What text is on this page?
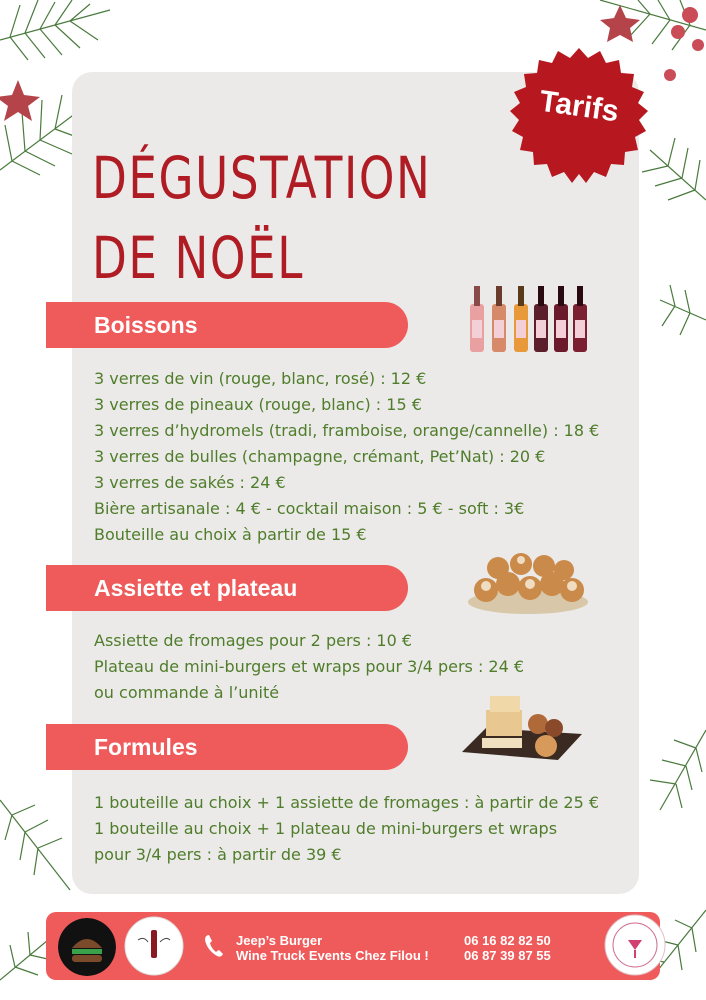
Tarifs
DÉGUSTATION
DE NOËL
Boissons
3 verres de vin (rouge, blanc, rosé) : 12 €
3 verres de pineaux (rouge, blanc) : 15 €
3 verres d’hydromels (tradi, framboise, orange/cannelle) : 18 €
3 verres de bulles (champagne, crémant, Pet’Nat) : 20 €
3 verres de sakés : 24 €
Bière artisanale : 4 € - cocktail maison : 5 € - soft : 3€
Bouteille au choix à partir de 15 €
Assiette et plateau
Assiette de fromages pour 2 pers : 10 €
Plateau de mini-burgers et wraps pour 3/4 pers : 24 €
ou commande à l’unité
Formules
1 bouteille au choix + 1 assiette de fromages : à partir de 25 €
1 bouteille au choix + 1 plateau de mini-burgers et wraps
pour 3/4 pers : à partir de 39 €
Jeep’s Burger
Wine Truck Events Chez Filou !
06 16 82 82 50
06 87 39 87 55
